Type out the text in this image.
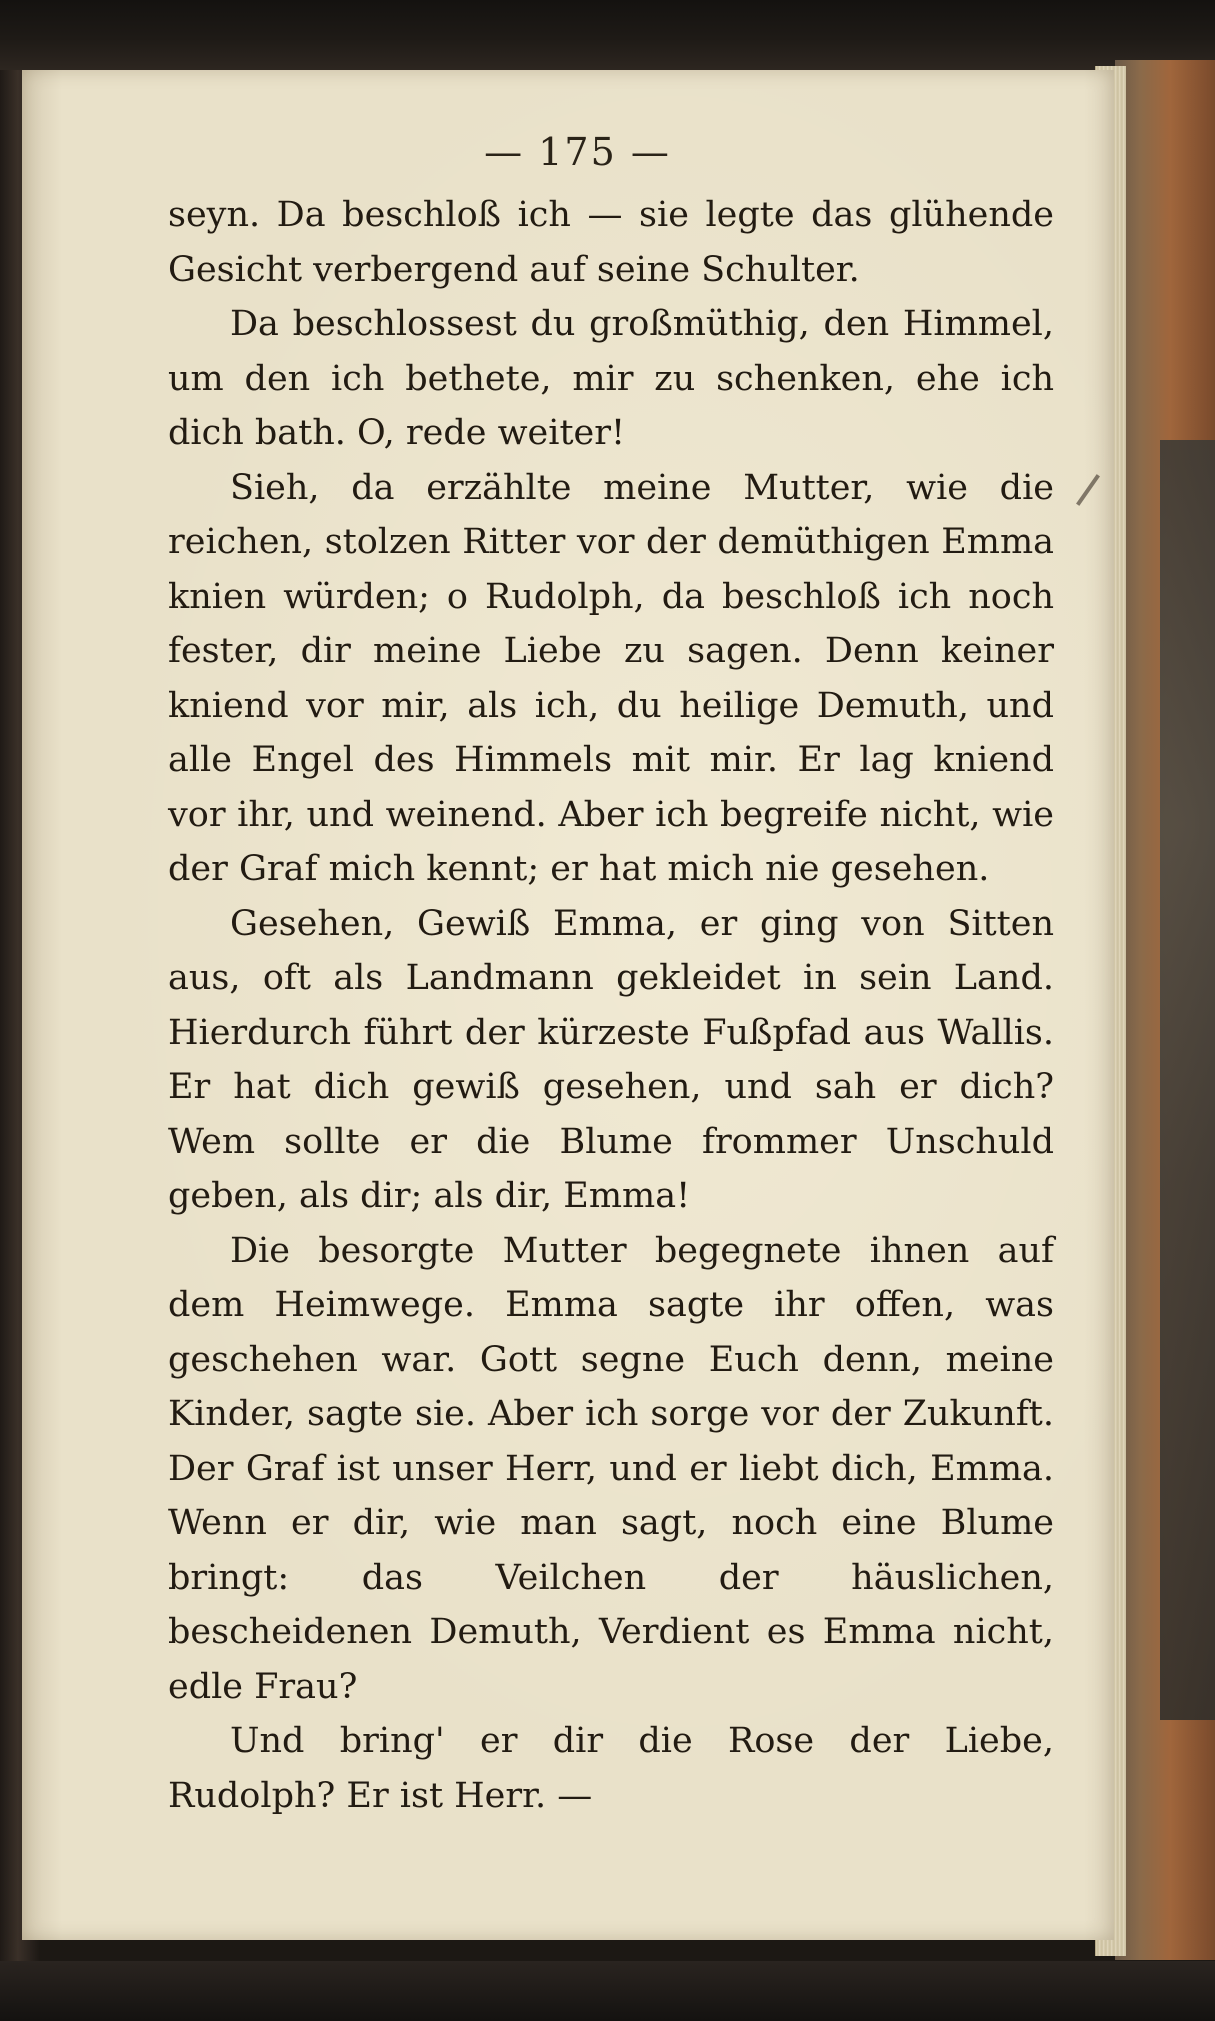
— 175 —

seyn. Da beschloß ich — sie legte das glühende Gesicht verbergend auf seine Schulter.

Da beschlossest du großmüthig, den Himmel, um den ich bethete, mir zu schenken, ehe ich dich bath. O, rede weiter!

Sieh, da erzählte meine Mutter, wie die reichen, stolzen Ritter vor der demüthigen Emma knien würden; o Rudolph, da beschloß ich noch fester, dir meine Liebe zu sagen. Denn keiner kniend vor mir, als ich, du heilige Demuth, und alle Engel des Himmels mit mir. Er lag kniend vor ihr, und weinend. Aber ich begreife nicht, wie der Graf mich kennt; er hat mich nie gesehen.

Gesehen, Gewiß Emma, er ging von Sitten aus, oft als Landmann gekleidet in sein Land. Hierdurch führt der kürzeste Fußpfad aus Wallis. Er hat dich gewiß gesehen, und sah er dich? Wem sollte er die Blume frommer Unschuld geben, als dir; als dir, Emma!

Die besorgte Mutter begegnete ihnen auf dem Heimwege. Emma sagte ihr offen, was geschehen war. Gott segne Euch denn, meine Kinder, sagte sie. Aber ich sorge vor der Zukunft. Der Graf ist unser Herr, und er liebt dich, Emma. Wenn er dir, wie man sagt, noch eine Blume bringt: das Veilchen der häuslichen, bescheidenen Demuth, Verdient es Emma nicht, edle Frau?

Und bring' er dir die Rose der Liebe, Rudolph? Er ist Herr. —
